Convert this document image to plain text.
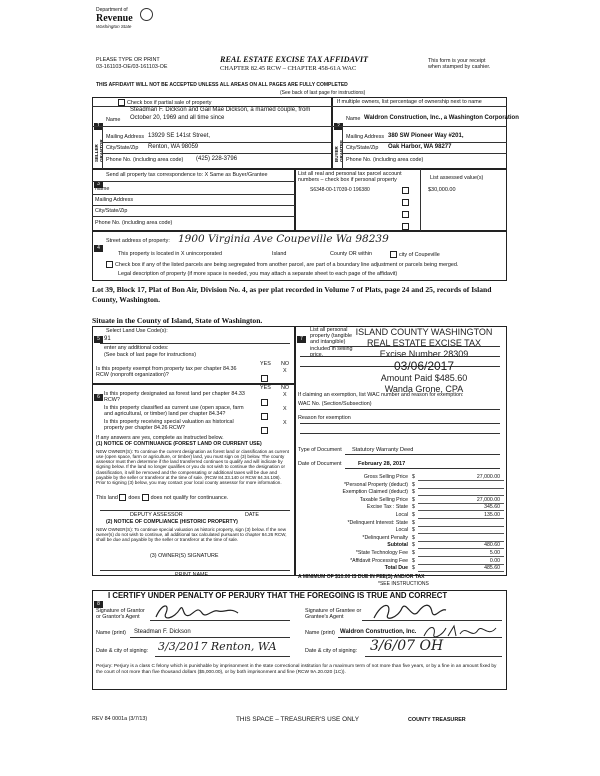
Department of
Revenue
Washington State
PLEASE TYPE OR PRINT
03-161103-OE/03-161103-OE
REAL ESTATE EXCISE TAX AFFIDAVIT
CHAPTER 82.45 RCW – CHAPTER 458-61A WAC
This form is your receipt
when stamped by cashier.
THIS AFFIDAVIT WILL NOT BE ACCEPTED UNLESS ALL AREAS ON ALL PAGES ARE FULLY COMPLETED
(See back of last page for instructions)
Check box if partial sale of property	If multiple owners, list percentage of ownership next to name
1
Name
Steadman F. Dickson and Gail Mae Dickson, a married couple, from October 20, 1969 and all time since
2
Name Waldron Construction, Inc., a Washington Corporation
SELLER GRANTOR	BUYER GRANTEE
Mailing Address 13929 SE 141st Street,
City/State/Zip Renton, WA 98059
Phone No. (including area code) (425) 228-3796
Mailing Address 380 SW Pioneer Way #201,
City/State/Zip Oak Harbor, WA 98277
Phone No. (including area code)
3
Send all property tax correspondence to: X Same as Buyer/Grantee
Name
Mailing Address
City/State/Zip
Phone No. (including area code)
List all real and personal tax parcel account numbers – check box if personal property	List assessed value(s)
S6348-00-17039-0 196380	$30,000.00
4
Street address of property: 1900 Virginia Ave Coupeville Wa 98239
This property is located in X unincorporated	Island	County OR within	city of Coupeville
Check box if any of the listed parcels are being segregated from another parcel, are part of a boundary line adjustment or parcels being merged.
Legal description of property (if more space is needed, you may attach a separate sheet to each page of the affidavit)
Lot 39, Block 17, Plat of Bon Air, Division No. 4, as per plat recorded in Volume 7 of Plats, page 24 and 25, records of Island County, Washington.
Situate in the County of Island, State of Washington.
5
Select Land Use Code(s):
91
enter any additional codes:
(See back of last page for instructions)
YES NO
Is this property exempt from property tax per chapter 84.36 RCW (nonprofit organization)?
X
6
YES NO
Is this property designated as forest land per chapter 84.33 RCW?
X
Is this property classified as current use (open space, farm and agricultural, or timber) land per chapter 84.34?
X
Is this property receiving special valuation as historical property per chapter 84.26 RCW?
X
If any answers are yes, complete as instructed below.
(1) NOTICE OF CONTINUANCE (FOREST LAND OR CURRENT USE)
NEW OWNER(S): To continue the current designation as forest land or classification as current use (open space, farm or agriculture, or timber) land, you must sign on (3) below. The county assessor must then determine if the land transferred continues to qualify and will indicate by signing below. If the land no longer qualifies or you do not wish to continue the designation or classification, it will be removed and the compensating or additional taxes will be due and payable by the seller or transferor at the time of sale. (RCW 84.33.140 or RCW 84.34.108). Prior to signing (3) below, you may contact your local county assessor for more information.
This land does does not qualify for continuance.
DEPUTY ASSESSOR	DATE
(2) NOTICE OF COMPLIANCE (HISTORIC PROPERTY)
NEW OWNER(S): To continue special valuation as historic property, sign (3) below. If the new owner(s) do not wish to continue, all additional tax calculated pursuant to chapter 84.26 RCW, shall be due and payable by the seller or transferor at the time of sale.
(3) OWNER(S) SIGNATURE
PRINT NAME
7
List all personal property (tangible and intangible) included in selling price.
ISLAND COUNTY WASHINGTON
REAL ESTATE EXCISE TAX
Excise Number 28309
03/06/2017
Amount Paid $485.60
Wanda Grone, CPA
If claiming an exemption, list WAC number and reason for exemption:
WAC No. (Section/Subsection)
Reason for exemption
Type of Document Statutory Warranty Deed
Date of Document	February 28, 2017
Gross Selling Price $	27,000.00
*Personal Property (deduct) $
Exemption Claimed (deduct) $
Taxable Selling Price $	27,000.00
Excise Tax : State $	345.60
Local $	135.00
*Delinquent Interest: State $
Local $
*Delinquent Penalty $
Subtotal $	480.60
*State Technology Fee $	5.00
*Affidavit Processing Fee $	0.00
Total Due $	485.60
A MINIMUM OF $10.00 IS DUE IN FEE(S) AND/OR TAX
*SEE INSTRUCTIONS
8
I CERTIFY UNDER PENALTY OF PERJURY THAT THE FOREGOING IS TRUE AND CORRECT
Signature of Grantor or Grantor's Agent
Name (print) Steadman F. Dickson
Date & city of signing: 3/3/2017 Renton, WA
Signature of Grantee or Grantee's Agent
Name (print) Waldron Construction, Inc.
Date & city of signing: 3/6/07 OH
Perjury: Perjury is a class C felony which is punishable by imprisonment in the state correctional institution for a maximum term of not more than five years, or by a fine in an amount fixed by the court of not more than five thousand dollars ($5,000.00), or by both imprisonment and fine (RCW 9A.20.020 (1C)).
REV 84 0001a (3/7/13)	THIS SPACE – TREASURER'S USE ONLY	COUNTY TREASURER
